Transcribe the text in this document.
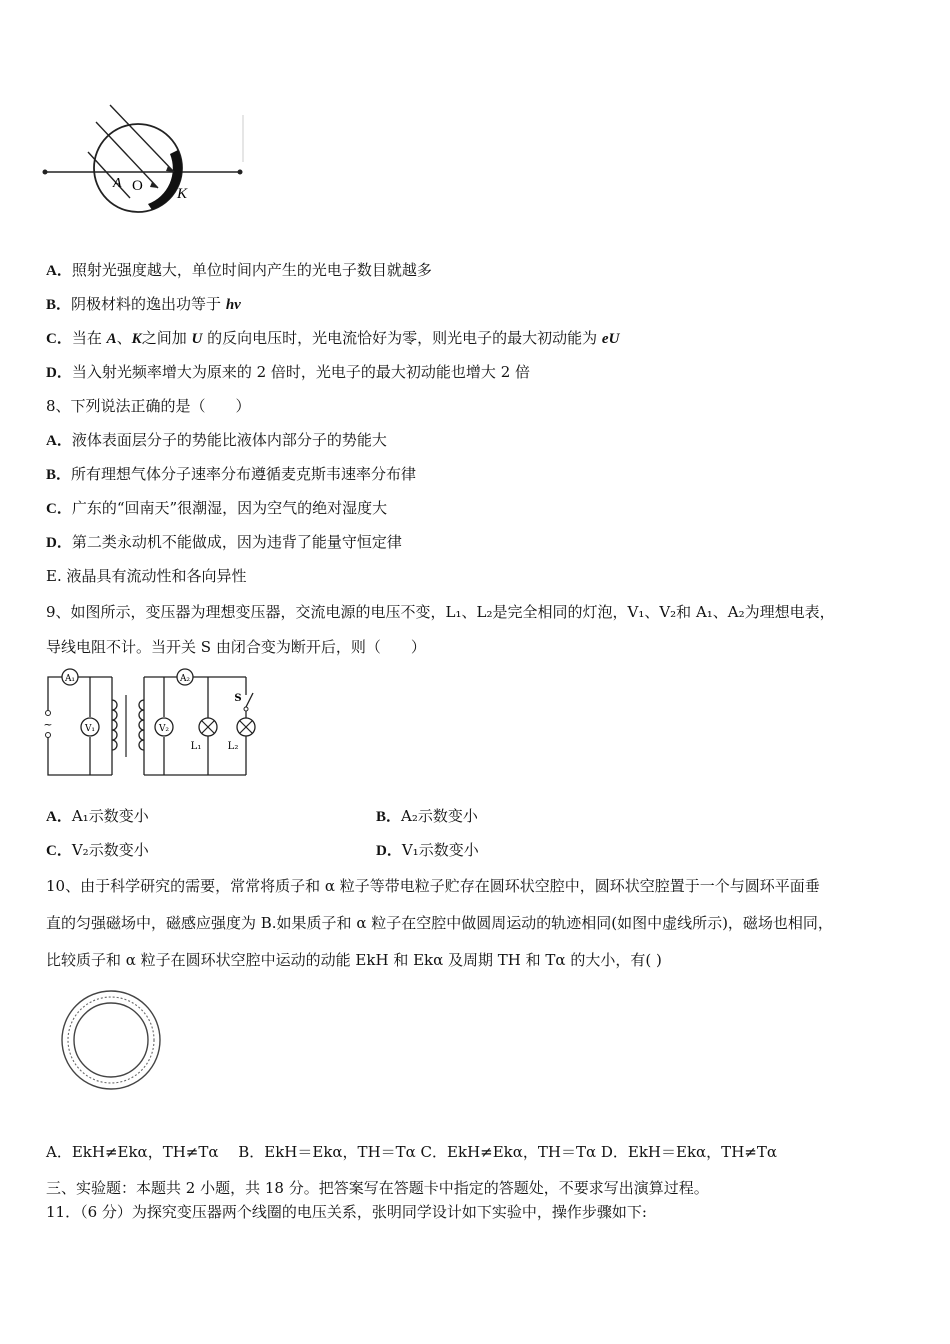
A O K
A．照射光强度越大，单位时间内产生的光电子数目就越多
B．阴极材料的逸出功等于 hν
C．当在 A、K之间加 U 的反向电压时，光电流恰好为零，则光电子的最大初动能为 eU
D．当入射光频率增大为原来的 2 倍时，光电子的最大初动能也增大 2 倍
8、下列说法正确的是（　　）
A．液体表面层分子的势能比液体内部分子的势能大
B．所有理想气体分子速率分布遵循麦克斯韦速率分布律
C．广东的“回南天”很潮湿，因为空气的绝对湿度大
D．第二类永动机不能做成，因为违背了能量守恒定律
E. 液晶具有流动性和各向异性
9、如图所示，变压器为理想变压器，交流电源的电压不变，L₁、L₂是完全相同的灯泡，V₁、V₂和 A₁、A₂为理想电表，
导线电阻不计。当开关 S 由闭合变为断开后，则（　　）
A₁
V₁
~
A₂
V₂
L₁	L₂
S
A．A₁示数变小	B．A₂示数变小
C．V₂示数变小	D．V₁示数变小
10、由于科学研究的需要，常常将质子和 α 粒子等带电粒子贮存在圆环状空腔中，圆环状空腔置于一个与圆环平面垂
直的匀强磁场中，磁感应强度为 B.如果质子和 α 粒子在空腔中做圆周运动的轨迹相同(如图中虚线所示)，磁场也相同，
比较质子和 α 粒子在圆环状空腔中运动的动能 EkH 和 Ekα 及周期 TH 和 Tα 的大小，有( )
A．EkH≠Ekα，TH≠Tα　 B．EkH＝Ekα，TH＝Tα C．EkH≠Ekα，TH＝Tα D．EkH＝Ekα，TH≠Tα
三、实验题：本题共 2 小题，共 18 分。把答案写在答题卡中指定的答题处，不要求写出演算过程。
11．（6 分）为探究变压器两个线圈的电压关系，张明同学设计如下实验中，操作步骤如下:
